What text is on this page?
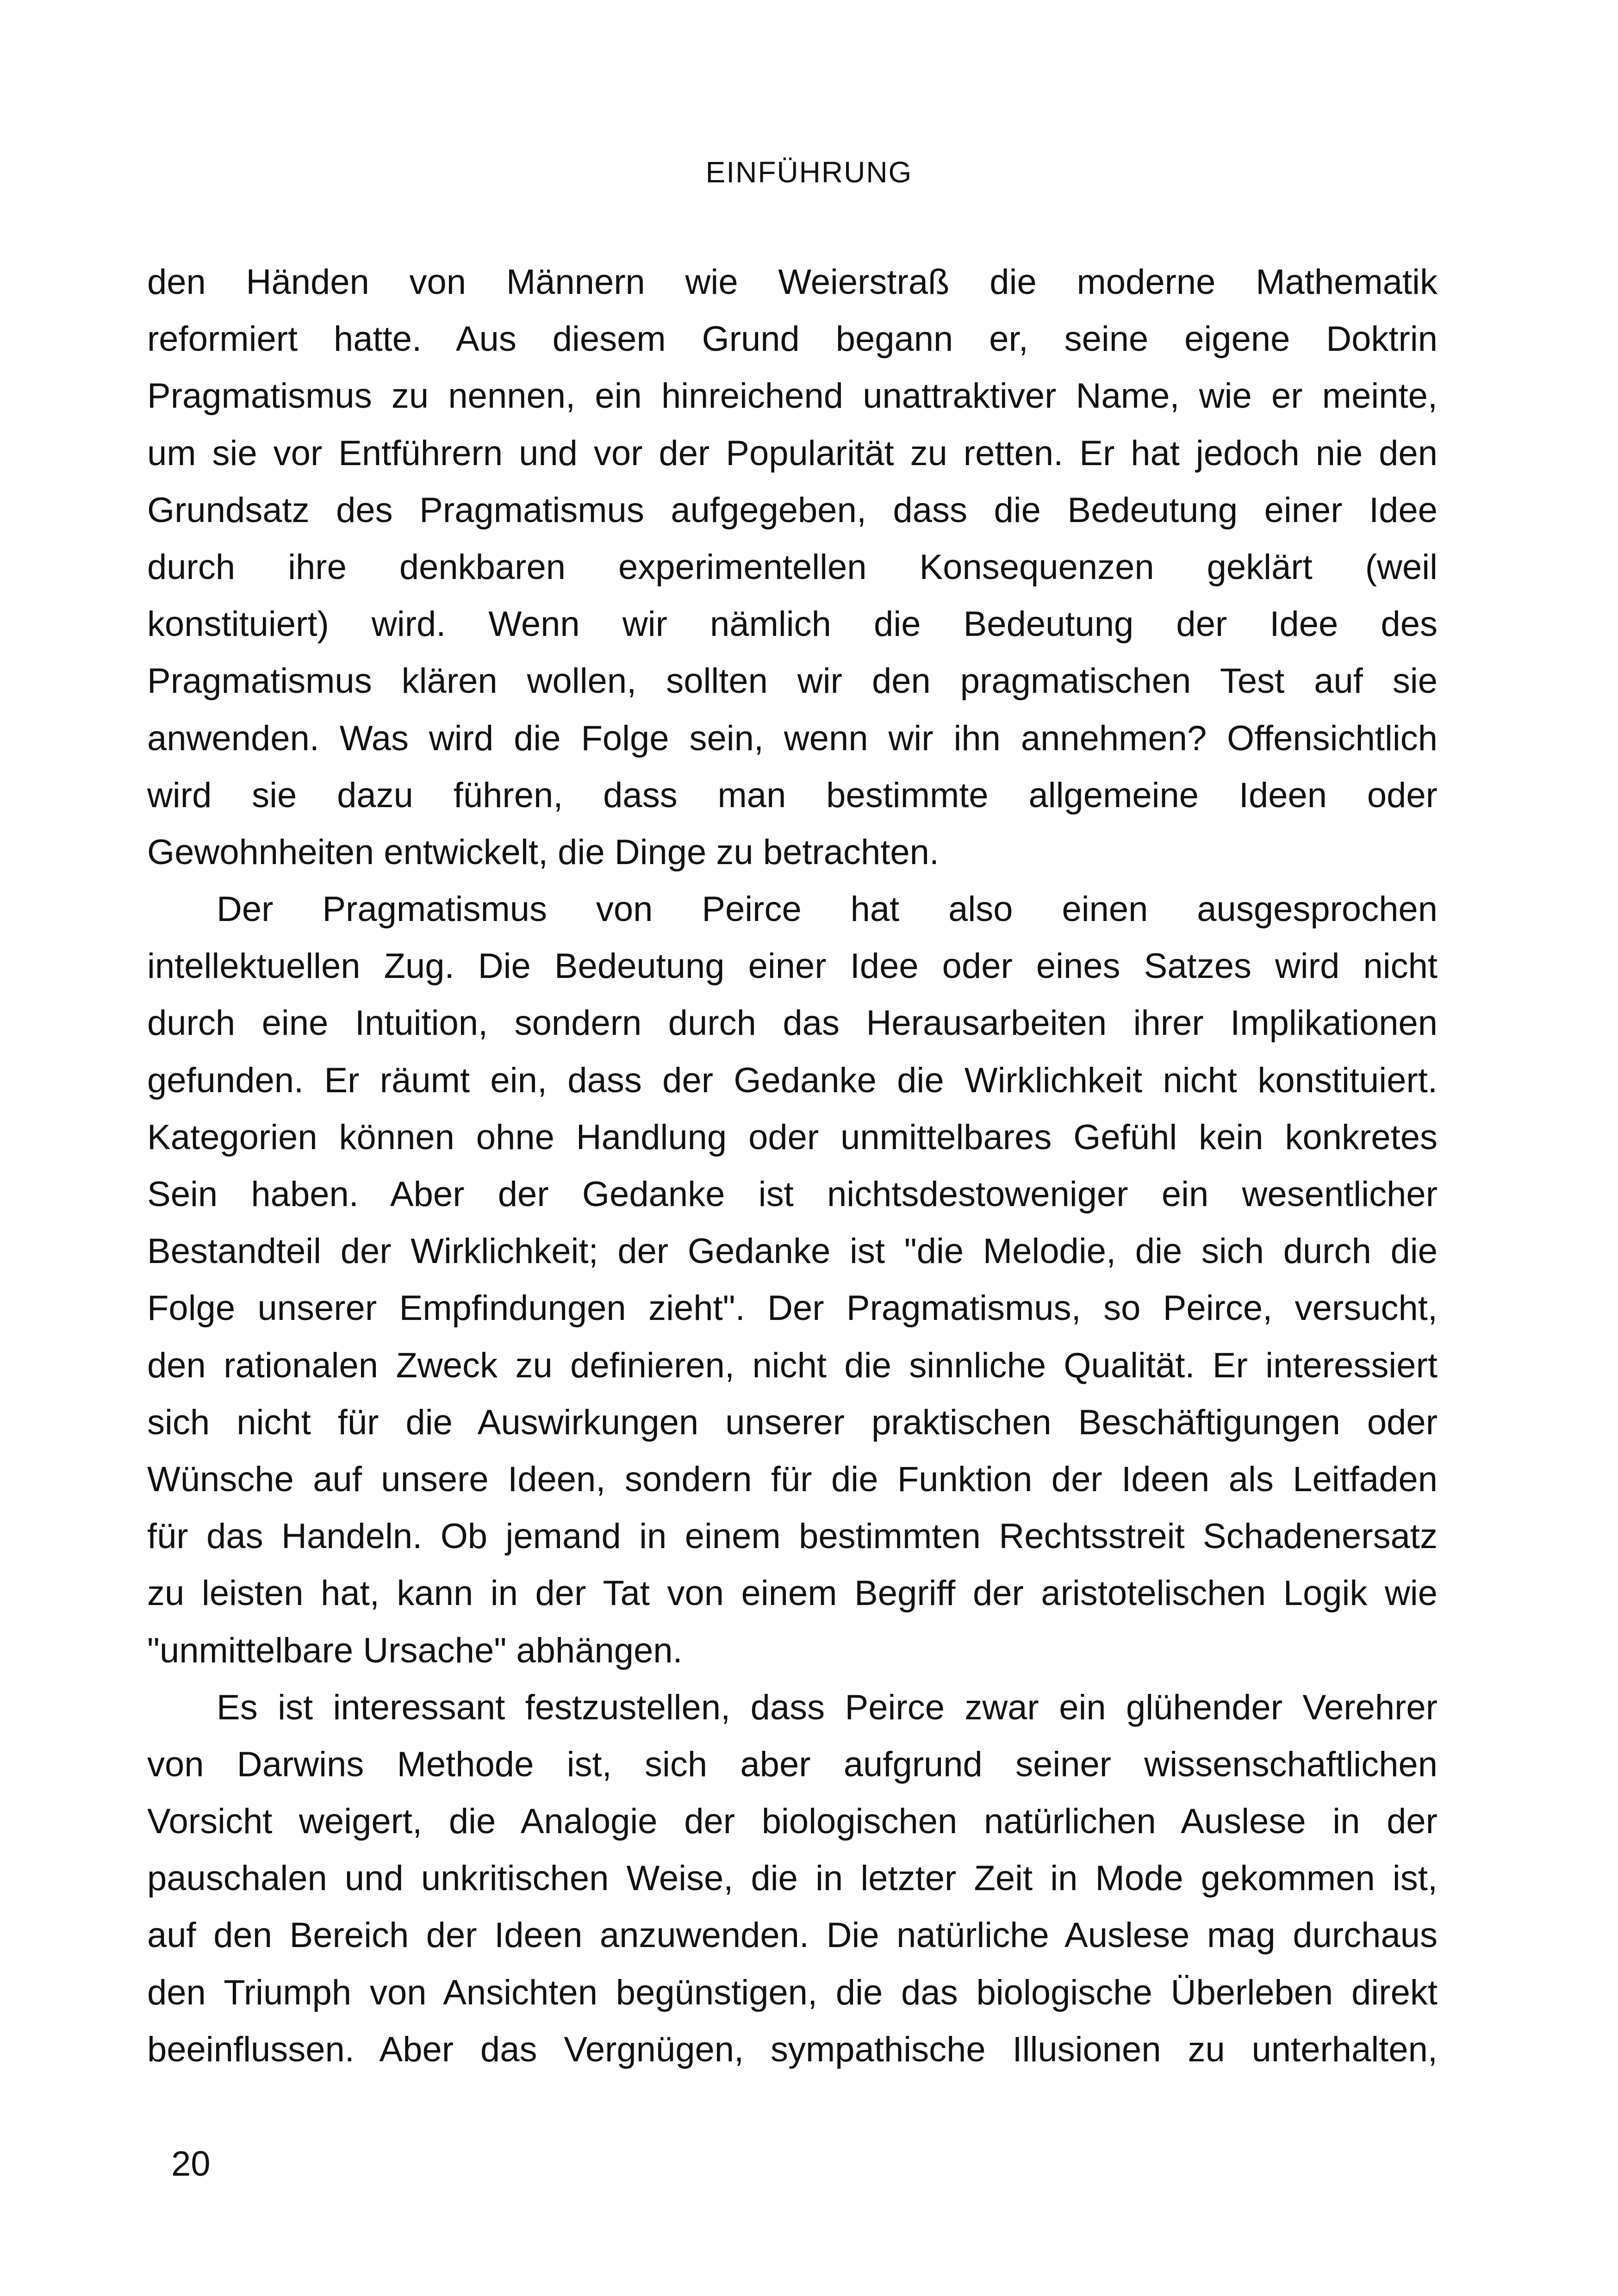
EINFÜHRUNG
den Händen von Männern wie Weierstraß die moderne Mathematik
reformiert hatte. Aus diesem Grund begann er, seine eigene Doktrin
Pragmatismus zu nennen, ein hinreichend unattraktiver Name, wie er meinte,
um sie vor Entführern und vor der Popularität zu retten. Er hat jedoch nie den
Grundsatz des Pragmatismus aufgegeben, dass die Bedeutung einer Idee
durch ihre denkbaren experimentellen Konsequenzen geklärt (weil
konstituiert) wird. Wenn wir nämlich die Bedeutung der Idee des
Pragmatismus klären wollen, sollten wir den pragmatischen Test auf sie
anwenden. Was wird die Folge sein, wenn wir ihn annehmen? Offensichtlich
wird sie dazu führen, dass man bestimmte allgemeine Ideen oder
Gewohnheiten entwickelt, die Dinge zu betrachten.
Der Pragmatismus von Peirce hat also einen ausgesprochen
intellektuellen Zug. Die Bedeutung einer Idee oder eines Satzes wird nicht
durch eine Intuition, sondern durch das Herausarbeiten ihrer Implikationen
gefunden. Er räumt ein, dass der Gedanke die Wirklichkeit nicht konstituiert.
Kategorien können ohne Handlung oder unmittelbares Gefühl kein konkretes
Sein haben. Aber der Gedanke ist nichtsdestoweniger ein wesentlicher
Bestandteil der Wirklichkeit; der Gedanke ist "die Melodie, die sich durch die
Folge unserer Empfindungen zieht". Der Pragmatismus, so Peirce, versucht,
den rationalen Zweck zu definieren, nicht die sinnliche Qualität. Er interessiert
sich nicht für die Auswirkungen unserer praktischen Beschäftigungen oder
Wünsche auf unsere Ideen, sondern für die Funktion der Ideen als Leitfaden
für das Handeln. Ob jemand in einem bestimmten Rechtsstreit Schadenersatz
zu leisten hat, kann in der Tat von einem Begriff der aristotelischen Logik wie
"unmittelbare Ursache" abhängen.
Es ist interessant festzustellen, dass Peirce zwar ein glühender Verehrer
von Darwins Methode ist, sich aber aufgrund seiner wissenschaftlichen
Vorsicht weigert, die Analogie der biologischen natürlichen Auslese in der
pauschalen und unkritischen Weise, die in letzter Zeit in Mode gekommen ist,
auf den Bereich der Ideen anzuwenden. Die natürliche Auslese mag durchaus
den Triumph von Ansichten begünstigen, die das biologische Überleben direkt
beeinflussen. Aber das Vergnügen, sympathische Illusionen zu unterhalten,
20
